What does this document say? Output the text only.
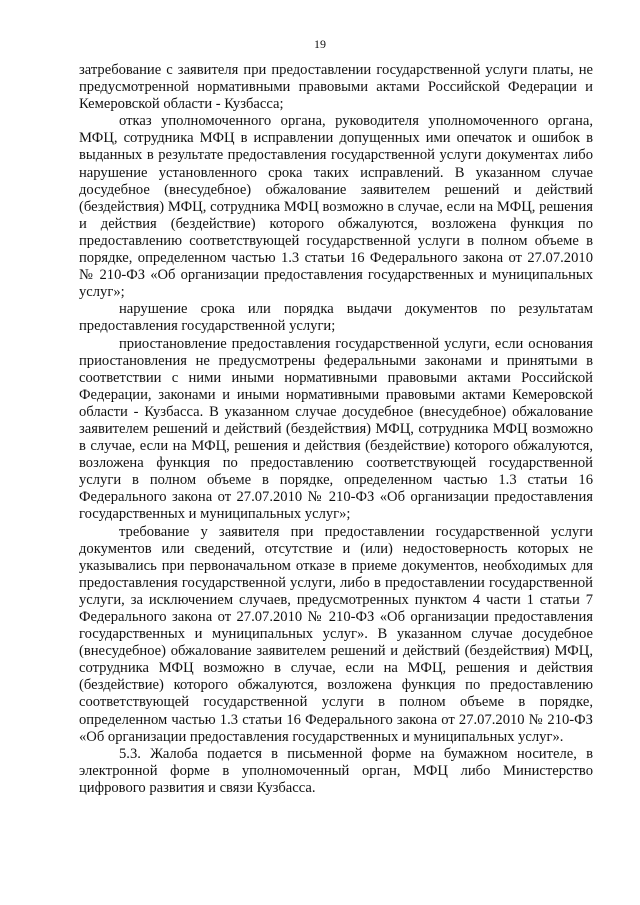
19

затребование с заявителя при предоставлении государственной услуги платы, не предусмотренной нормативными правовыми актами Российской Федерации и Кемеровской области - Кузбасса;

отказ уполномоченного органа, руководителя уполномоченного органа, МФЦ, сотрудника МФЦ в исправлении допущенных ими опечаток и ошибок в выданных в результате предоставления государственной услуги документах либо нарушение установленного срока таких исправлений. В указанном случае досудебное (внесудебное) обжалование заявителем решений и действий (бездействия) МФЦ, сотрудника МФЦ возможно в случае, если на МФЦ, решения и действия (бездействие) которого обжалуются, возложена функция по предоставлению соответствующей государственной услуги в полном объеме в порядке, определенном частью 1.3 статьи 16 Федерального закона от 27.07.2010 № 210-ФЗ «Об организации предоставления государственных и муниципальных услуг»;

нарушение срока или порядка выдачи документов по результатам предоставления государственной услуги;

приостановление предоставления государственной услуги, если основания приостановления не предусмотрены федеральными законами и принятыми в соответствии с ними иными нормативными правовыми актами Российской Федерации, законами и иными нормативными правовыми актами Кемеровской области - Кузбасса. В указанном случае досудебное (внесудебное) обжалование заявителем решений и действий (бездействия) МФЦ, сотрудника МФЦ возможно в случае, если на МФЦ, решения и действия (бездействие) которого обжалуются, возложена функция по предоставлению соответствующей государственной услуги в полном объеме в порядке, определенном частью 1.3 статьи 16 Федерального закона от 27.07.2010 № 210-ФЗ «Об организации предоставления государственных и муниципальных услуг»;

требование у заявителя при предоставлении государственной услуги документов или сведений, отсутствие и (или) недостоверность которых не указывались при первоначальном отказе в приеме документов, необходимых для предоставления государственной услуги, либо в предоставлении государственной услуги, за исключением случаев, предусмотренных пунктом 4 части 1 статьи 7 Федерального закона от 27.07.2010 № 210-ФЗ «Об организации предоставления государственных и муниципальных услуг». В указанном случае досудебное (внесудебное) обжалование заявителем решений и действий (бездействия) МФЦ, сотрудника МФЦ возможно в случае, если на МФЦ, решения и действия (бездействие) которого обжалуются, возложена функция по предоставлению соответствующей государственной услуги в полном объеме в порядке, определенном частью 1.3 статьи 16 Федерального закона от 27.07.2010 № 210-ФЗ «Об организации предоставления государственных и муниципальных услуг».

5.3. Жалоба подается в письменной форме на бумажном носителе, в электронной форме в уполномоченный орган, МФЦ либо Министерство цифрового развития и связи Кузбасса.
